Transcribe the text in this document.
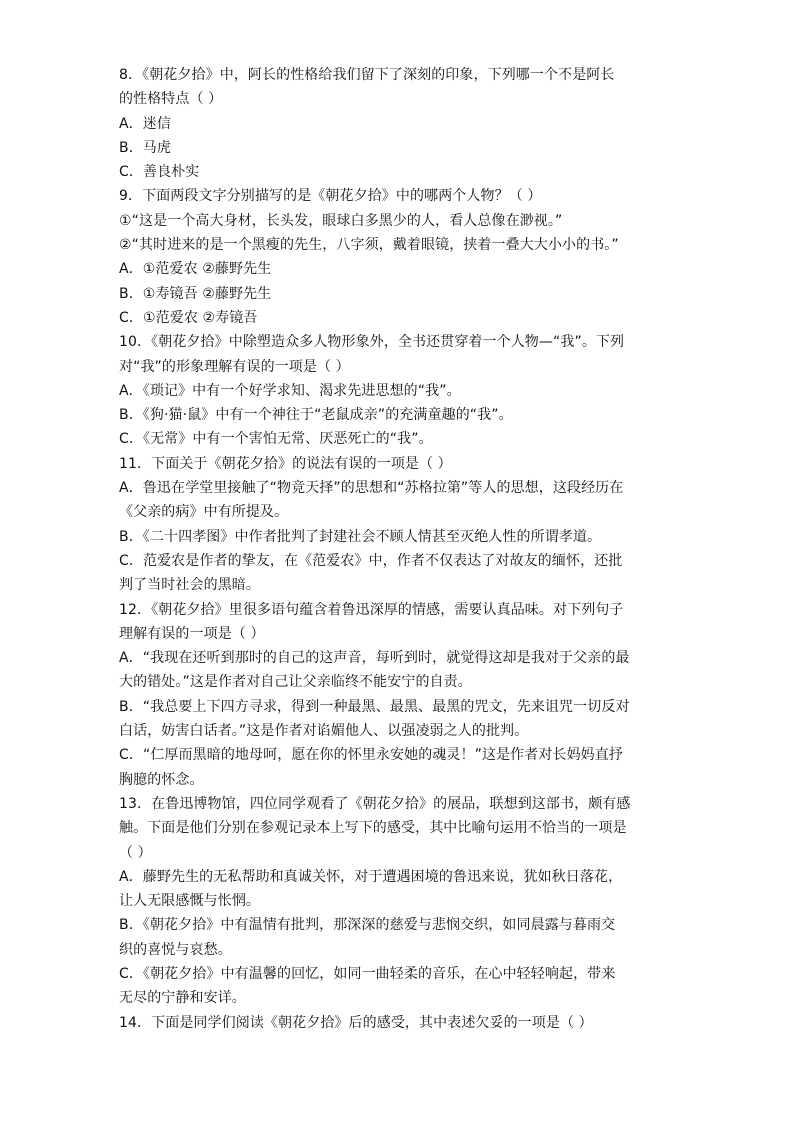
8．《朝花夕拾》中，阿长的性格给我们留下了深刻的印象，下列哪一个不是阿长
的性格特点（ ）
A．迷信
B．马虎
C．善良朴实
9．下面两段文字分别描写的是《朝花夕拾》中的哪两个人物？（ ）
①“这是一个高大身材，长头发，眼球白多黑少的人，看人总像在渺视。”
②“其时进来的是一个黑瘦的先生，八字须，戴着眼镜，挟着一叠大大小小的书。”
A．①范爱农 ②藤野先生
B．①寿镜吾 ②藤野先生
C．①范爱农 ②寿镜吾
10．《朝花夕拾》中除塑造众多人物形象外，全书还贯穿着一个人物—“我”。下列
对“我”的形象理解有误的一项是（ ）
A．《琐记》中有一个好学求知、渴求先进思想的“我”。
B．《狗·猫·鼠》中有一个神往于“老鼠成亲”的充满童趣的“我”。
C．《无常》中有一个害怕无常、厌恶死亡的“我”。
11．下面关于《朝花夕拾》的说法有误的一项是（ ）
A．鲁迅在学堂里接触了“物竞天择”的思想和“苏格拉第”等人的思想，这段经历在
《父亲的病》中有所提及。
B．《二十四孝图》中作者批判了封建社会不顾人情甚至灭绝人性的所谓孝道。
C．范爱农是作者的挚友，在《范爱农》中，作者不仅表达了对故友的缅怀，还批
判了当时社会的黑暗。
12．《朝花夕拾》里很多语句蕴含着鲁迅深厚的情感，需要认真品味。对下列句子
理解有误的一项是（ ）
A．“我现在还听到那时的自己的这声音，每听到时，就觉得这却是我对于父亲的最
大的错处。”这是作者对自己让父亲临终不能安宁的自责。
B．“我总要上下四方寻求，得到一种最黑、最黑、最黑的咒文，先来诅咒一切反对
白话，妨害白话者。”这是作者对谄媚他人、以强凌弱之人的批判。
C．“仁厚而黑暗的地母呵，愿在你的怀里永安她的魂灵！”这是作者对长妈妈直抒
胸臆的怀念。
13．在鲁迅博物馆，四位同学观看了《朝花夕拾》的展品，联想到这部书，颇有感
触。下面是他们分别在参观记录本上写下的感受，其中比喻句运用不恰当的一项是
（ ）
A．藤野先生的无私帮助和真诚关怀，对于遭遇困境的鲁迅来说，犹如秋日落花，
让人无限感慨与怅惘。
B．《朝花夕拾》中有温情有批判，那深深的慈爱与悲悯交织，如同晨露与暮雨交
织的喜悦与哀愁。
C．《朝花夕拾》中有温馨的回忆，如同一曲轻柔的音乐，在心中轻轻响起，带来
无尽的宁静和安详。
14．下面是同学们阅读《朝花夕拾》后的感受，其中表述欠妥的一项是（ ）
